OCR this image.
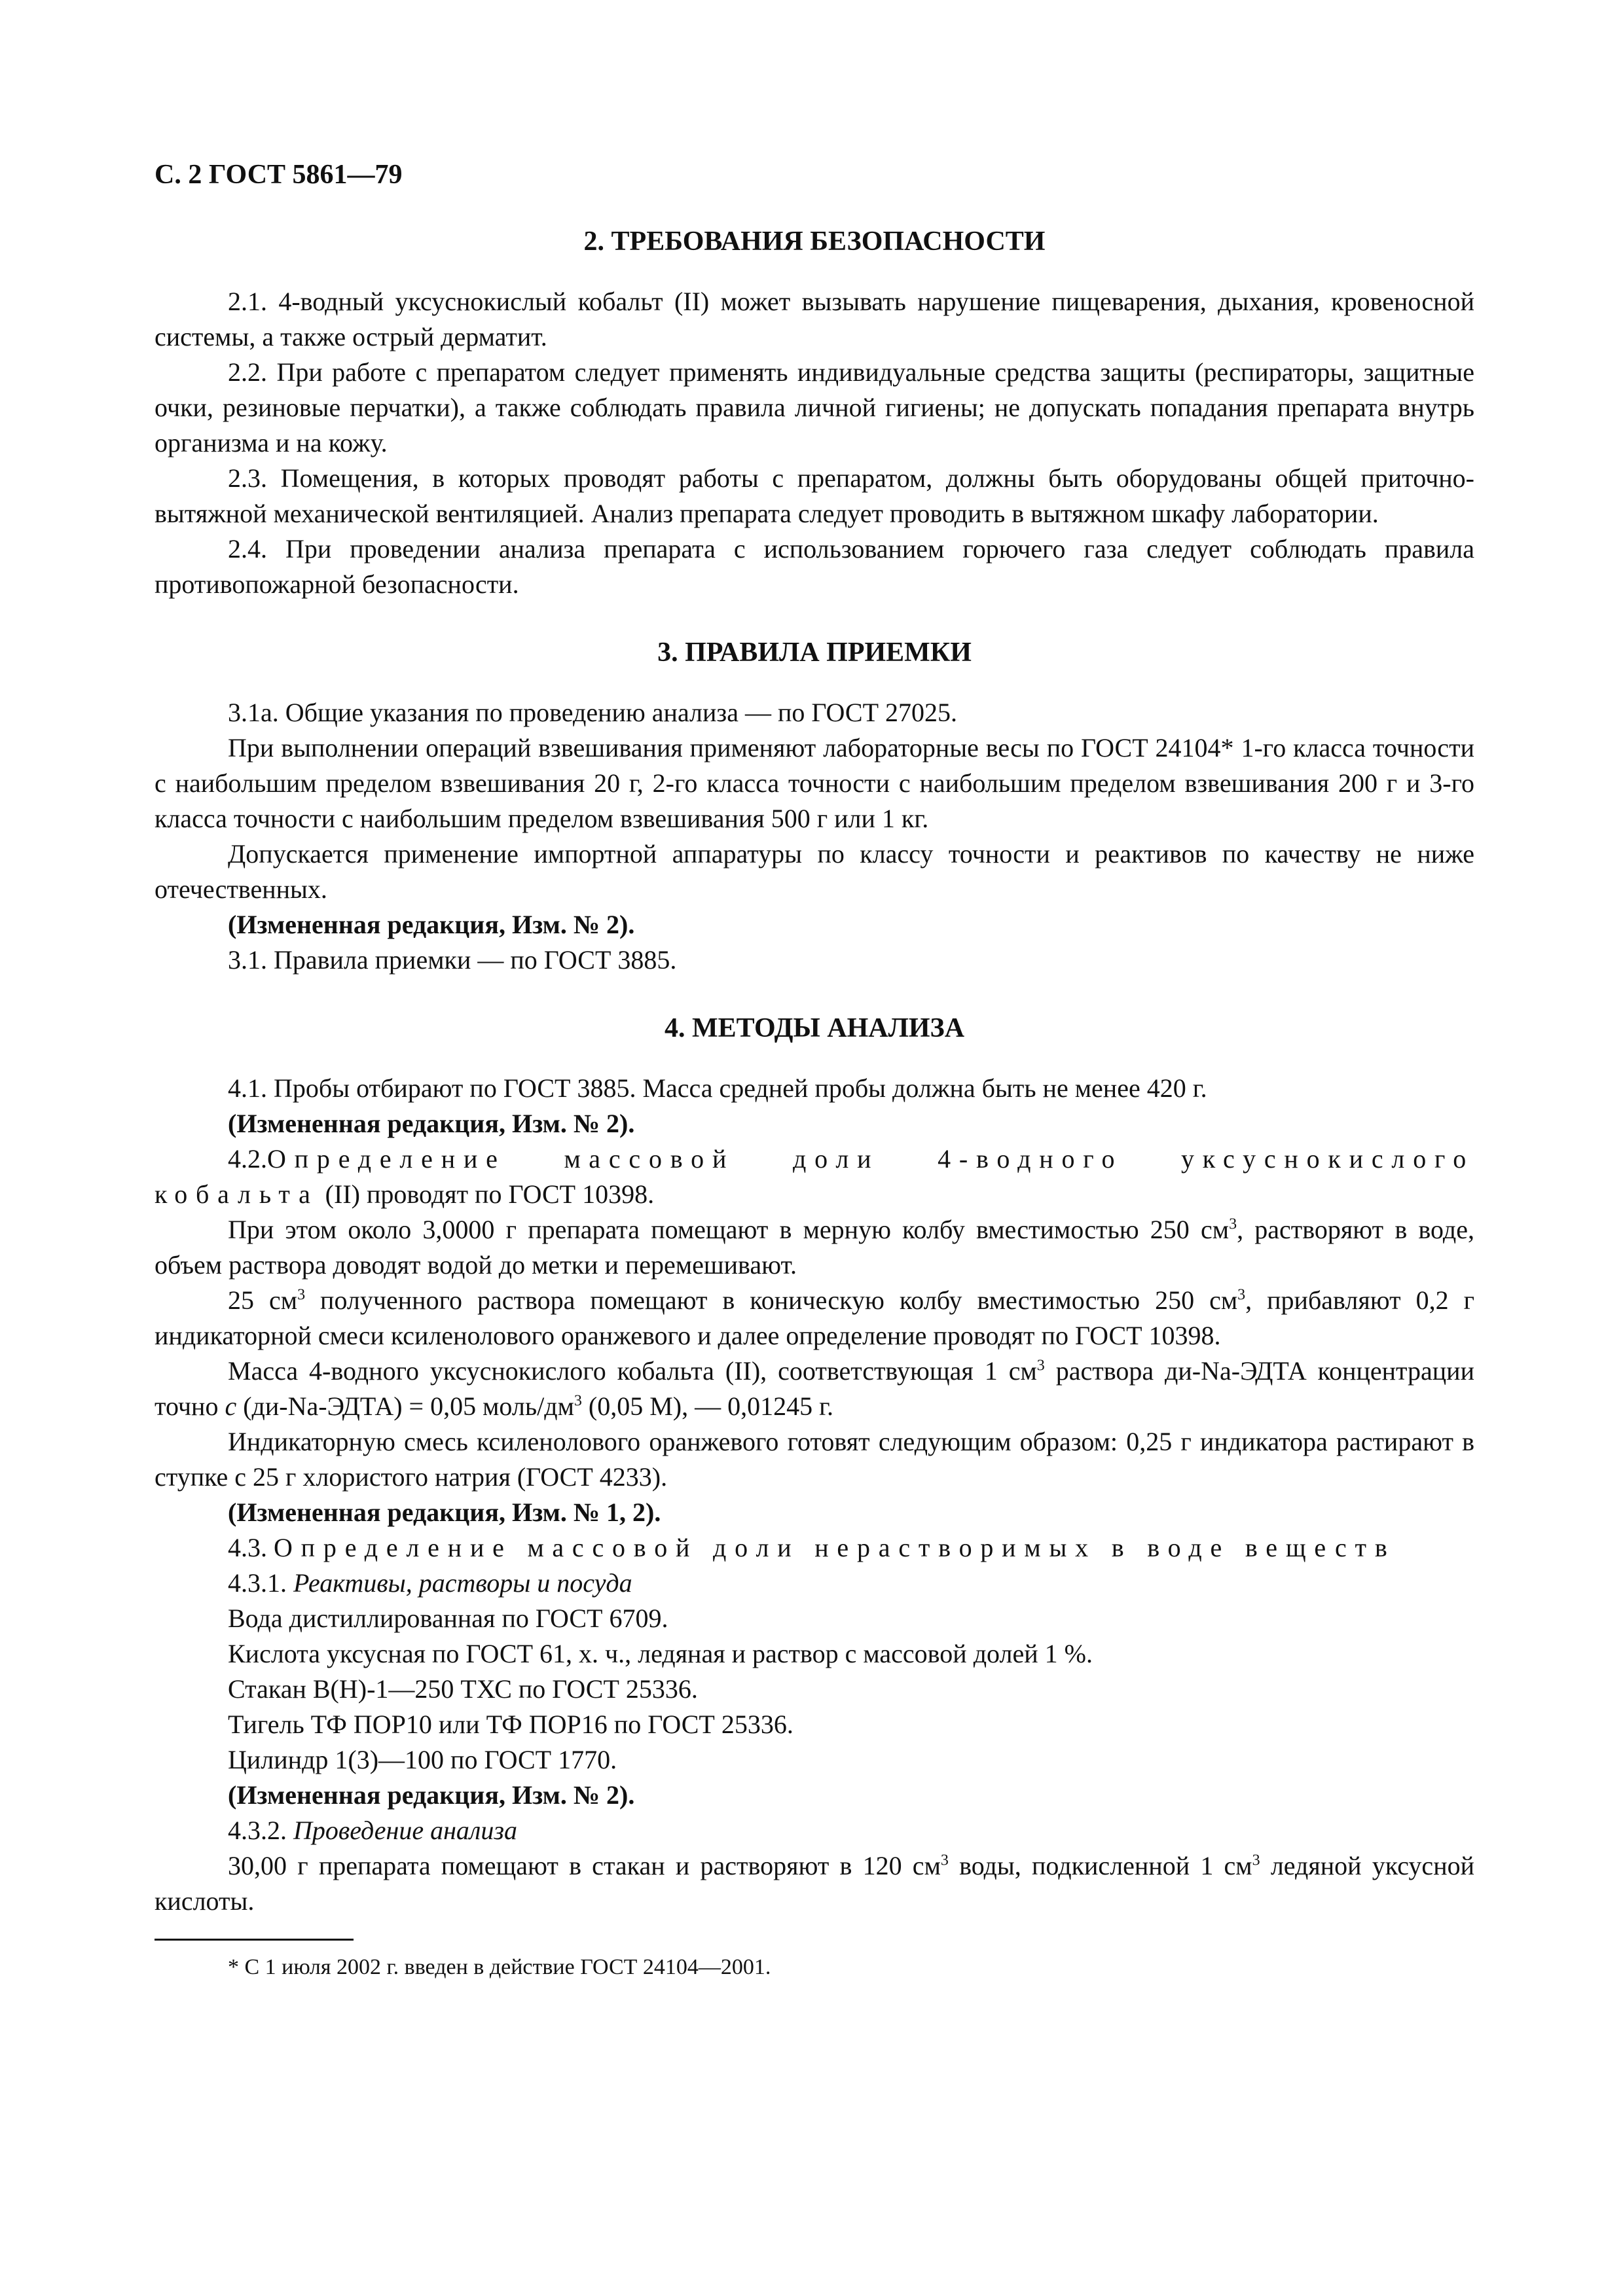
С. 2 ГОСТ 5861—79
2. ТРЕБОВАНИЯ БЕЗОПАСНОСТИ

2.1. 4-водный уксуснокислый кобальт (II) может вызывать нарушение пищеварения, дыхания, кровеносной системы, а также острый дерматит.

2.2. При работе с препаратом следует применять индивидуальные средства защиты (респираторы, защитные очки, резиновые перчатки), а также соблюдать правила личной гигиены; не допускать попадания препарата внутрь организма и на кожу.

2.3. Помещения, в которых проводят работы с препаратом, должны быть оборудованы общей приточно-вытяжной механической вентиляцией. Анализ препарата следует проводить в вытяжном шкафу лаборатории.

2.4. При проведении анализа препарата с использованием горючего газа следует соблюдать правила противопожарной безопасности.

3. ПРАВИЛА ПРИЕМКИ

3.1а. Общие указания по проведению анализа — по ГОСТ 27025.

При выполнении операций взвешивания применяют лабораторные весы по ГОСТ 24104* 1-го класса точности с наибольшим пределом взвешивания 20 г, 2-го класса точности с наибольшим пределом взвешивания 200 г и 3-го класса точности с наибольшим пределом взвешивания 500 г или 1 кг.

Допускается применение импортной аппаратуры по классу точности и реактивов по качеству не ниже отечественных.

(Измененная редакция, Изм. № 2).

3.1. Правила приемки — по ГОСТ 3885.

4. МЕТОДЫ АНАЛИЗА

4.1. Пробы отбирают по ГОСТ 3885. Масса средней пробы должна быть не менее 420 г.

(Измененная редакция, Изм. № 2).

4.2.Определение массовой доли 4-водного уксуснокислого кобальта (II) проводят по ГОСТ 10398.

При этом около 3,0000 г препарата помещают в мерную колбу вместимостью 250 $см^3$, растворяют в воде, объем раствора доводят водой до метки и перемешивают.

25 $см^3$ полученного раствора помещают в коническую колбу вместимостью 250 $см^3$, прибавляют 0,2 г индикаторной смеси ксиленолового оранжевого и далее определение проводят по ГОСТ 10398.

Масса 4-водного уксуснокислого кобальта (II), соответствующая 1 $см^3$ раствора ди-Na-ЭДТА концентрации точно с (ди-Na-ЭДТА) = 0,05 моль/$дм^3$ (0,05 М), — 0,01245 г.

Индикаторную смесь ксиленолового оранжевого готовят следующим образом: 0,25 г индикатора растирают в ступке с 25 г хлористого натрия (ГОСТ 4233).

(Измененная редакция, Изм. № 1, 2).

4.3. Определение массовой доли нерастворимых в воде веществ

4.3.1. Реактивы, растворы и посуда

Вода дистиллированная по ГОСТ 6709.

Кислота уксусная по ГОСТ 61, х. ч., ледяная и раствор с массовой долей 1 %.

Стакан В(Н)-1—250 ТХС по ГОСТ 25336.

Тигель ТФ ПОР10 или ТФ ПОР16 по ГОСТ 25336.

Цилиндр 1(3)—100 по ГОСТ 1770.

(Измененная редакция, Изм. № 2).

4.3.2. Проведение анализа

30,00 г препарата помещают в стакан и растворяют в 120 $см^3$ воды, подкисленной 1 $см^3$ ледяной уксусной кислоты.

* С 1 июля 2002 г. введен в действие ГОСТ 24104—2001.
